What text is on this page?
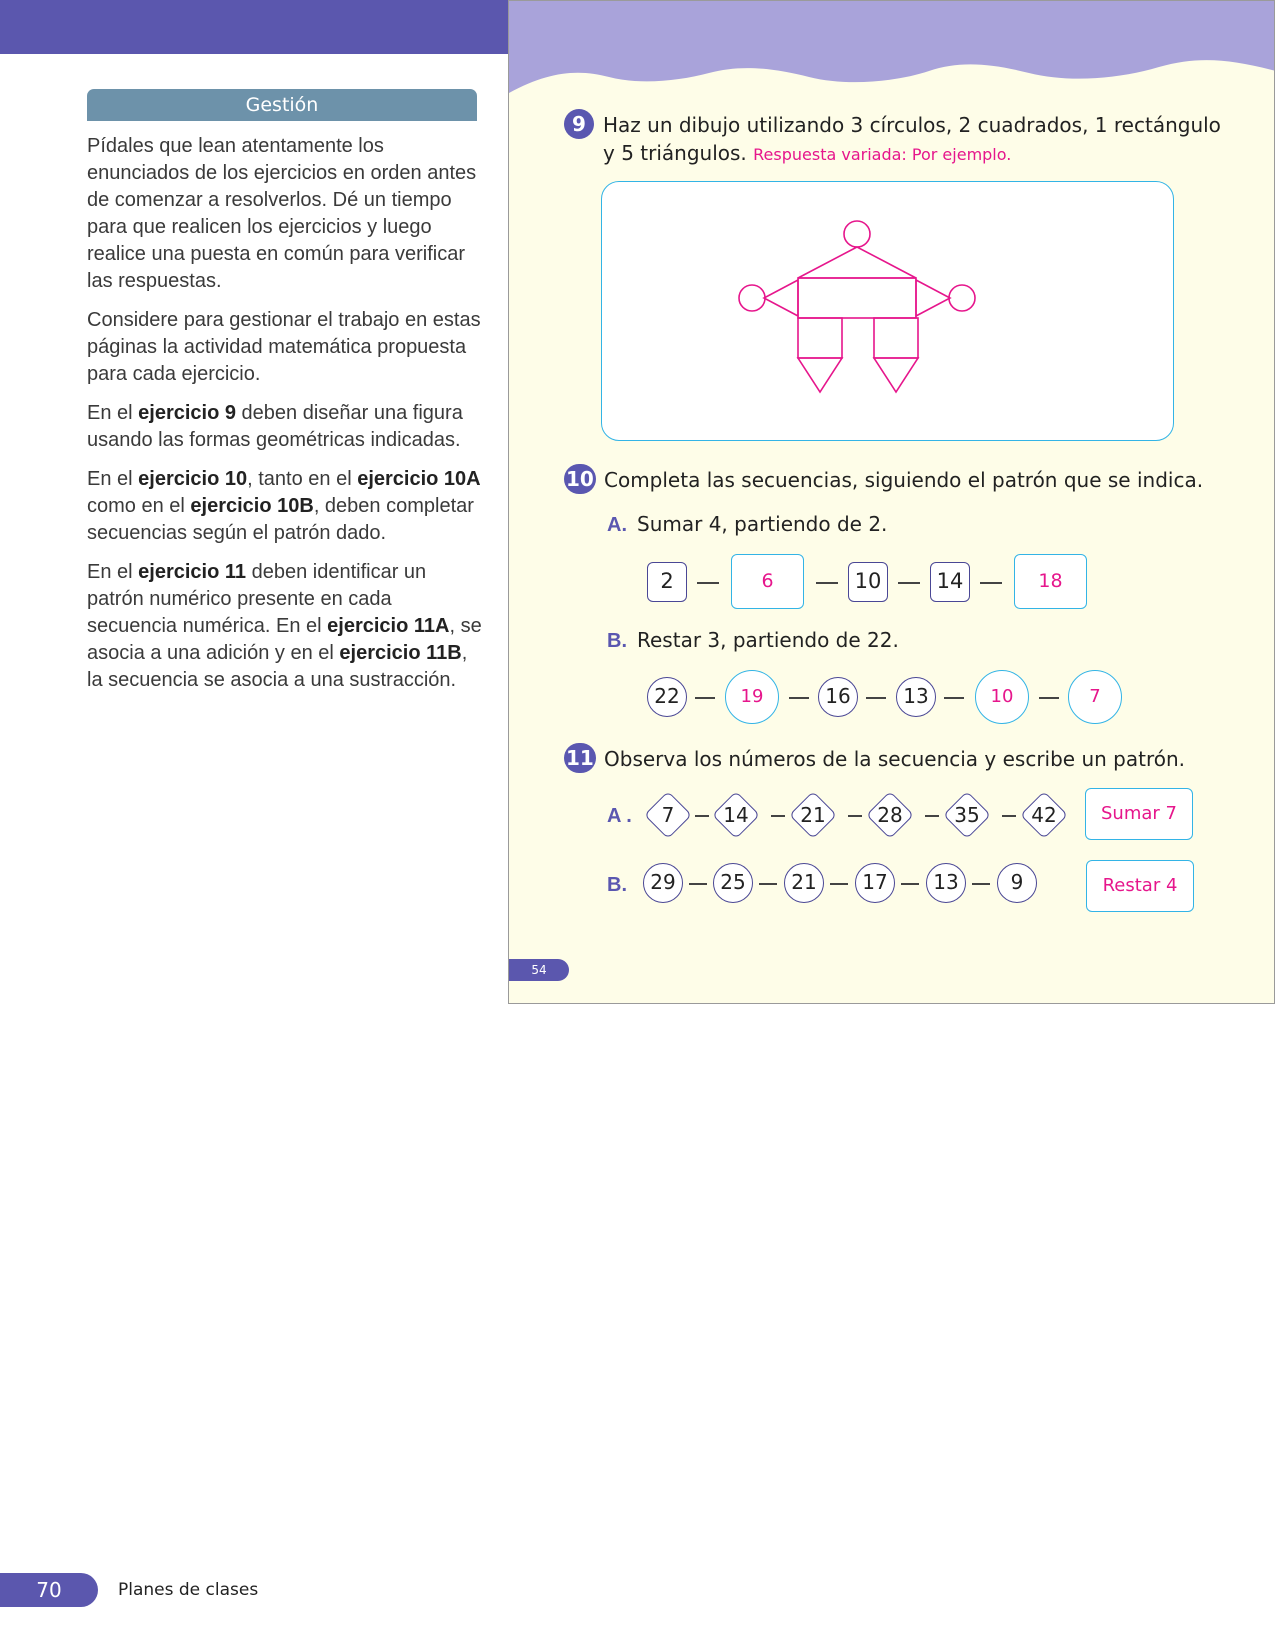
Gestión

Pídales que lean atentamente los enunciados de los ejercicios en orden antes de comenzar a resolverlos. Dé un tiempo para que realicen los ejercicios y luego realice una puesta en común para verificar las respuestas.

Considere para gestionar el trabajo en estas páginas la actividad matemática propuesta para cada ejercicio.

En el ejercicio 9 deben diseñar una figura usando las formas geométricas indicadas.

En el ejercicio 10, tanto en el ejercicio 10A como en el ejercicio 10B, deben completar secuencias según el patrón dado.

En el ejercicio 11 deben identificar un patrón numérico presente en cada secuencia numérica. En el ejercicio 11A, se asocia a una adición y en el ejercicio 11B, la secuencia se asocia a una sustracción.

9 Haz un dibujo utilizando 3 círculos, 2 cuadrados, 1 rectángulo
y 5 triángulos. Respuesta variada: Por ejemplo.
10 Completa las secuencias, siguiendo el patrón que se indica.
A. Sumar 4, partiendo de 2.
2	6	10	14	18
B. Restar 3, partiendo de 22.
22	19	16	13	10	7
11 Observa los números de la secuencia y escribe un patrón.
A .	7	14	21	28	35	42	Sumar 7
B.	29	25	21	17	13	9	Restar 4
54
70	Planes de clases
